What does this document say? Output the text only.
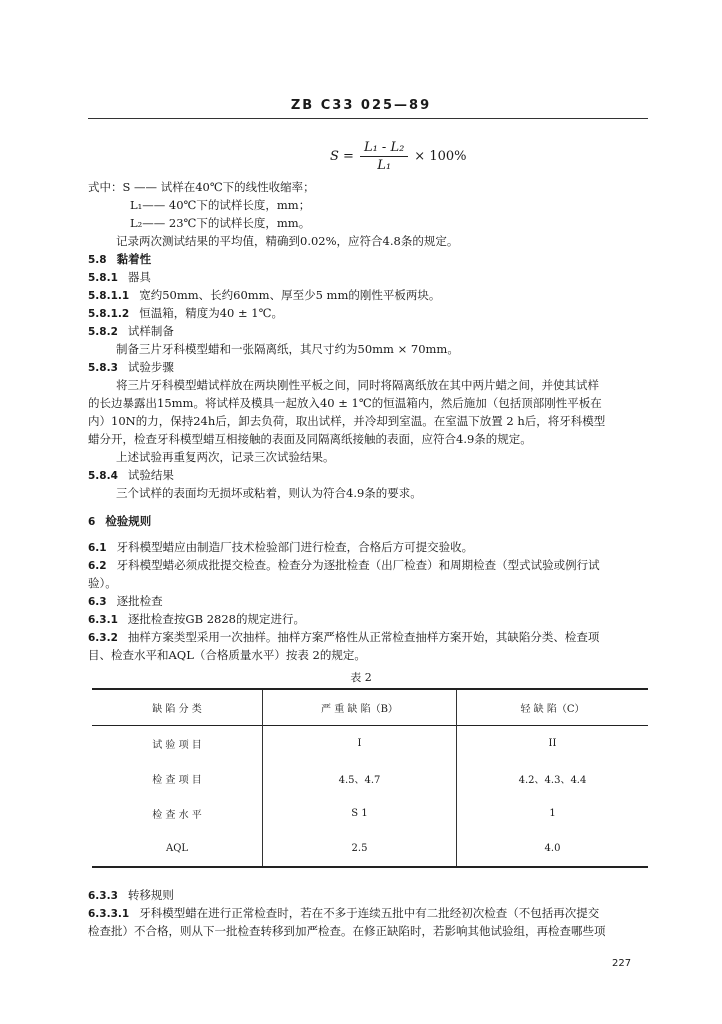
ZB C33 025—89
$S = \frac{\text{L₁ - L₂}}{\text{L₁}} \times 100\%$
式中：S —— 试样在40℃下的线性收缩率；
L₁—— 40℃下的试样长度，mm；
L₂—— 23℃下的试样长度，mm。
记录两次测试结果的平均值，精确到0.02%，应符合4.8条的规定。
5.8 黏着性
5.8.1 器具
5.8.1.1 宽约50mm、长约60mm、厚至少5 mm的刚性平板两块。
5.8.1.2 恒温箱，精度为40 ± 1℃。
5.8.2 试样制备
制备三片牙科模型蜡和一张隔离纸，其尺寸约为50mm × 70mm。
5.8.3 试验步骤
将三片牙科模型蜡试样放在两块刚性平板之间，同时将隔离纸放在其中两片蜡之间，并使其试样
的长边暴露出15mm。将试样及模具一起放入40 ± 1℃的恒温箱内，然后施加（包括顶部刚性平板在
内）10N的力，保持24h后，卸去负荷，取出试样，并冷却到室温。在室温下放置 2 h后，将牙科模型
蜡分开，检查牙科模型蜡互相接触的表面及同隔离纸接触的表面，应符合4.9条的规定。
上述试验再重复两次，记录三次试验结果。
5.8.4 试验结果
三个试样的表面均无损坏或粘着，则认为符合4.9条的要求。
6 检验规则
6.1 牙科模型蜡应由制造厂技术检验部门进行检查，合格后方可提交验收。
6.2 牙科模型蜡必须成批提交检查。检查分为逐批检查（出厂检查）和周期检查（型式试验或例行试
验）。
6.3 逐批检查
6.3.1 逐批检查按GB 2828的规定进行。
6.3.2 抽样方案类型采用一次抽样。抽样方案严格性从正常检查抽样方案开始，其缺陷分类、检查项
目、检查水平和AQL（合格质量水平）按表 2的规定。
表 2
缺 陷 分 类	严 重 缺 陷（B）	轻 缺 陷（C）
试 验 项 目	I	II
检 查 项 目	4.5、4.7	4.2、4.3、4.4
检 查 水 平	S 1	1
AQL	2.5	4.0
6.3.3 转移规则
6.3.3.1 牙科模型蜡在进行正常检查时，若在不多于连续五批中有二批经初次检查（不包括再次提交
检查批）不合格，则从下一批检查转移到加严检查。在修正缺陷时，若影响其他试验组，再检查哪些项
227
